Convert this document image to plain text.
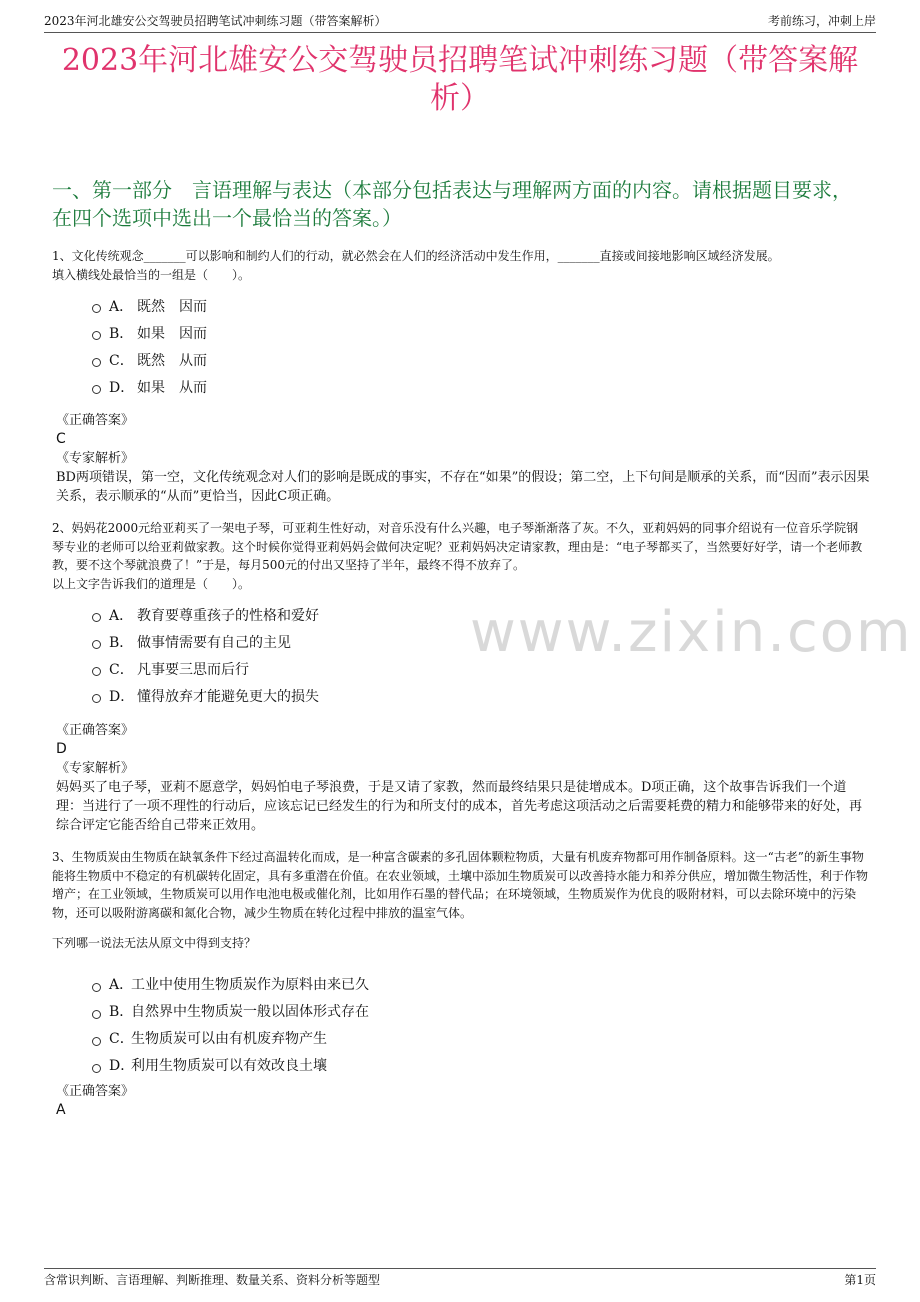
2023年河北雄安公交驾驶员招聘笔试冲刺练习题（带答案解析）	考前练习，冲刺上岸
2023年河北雄安公交驾驶员招聘笔试冲刺练习题（带答案解析）
一、第一部分　言语理解与表达（本部分包括表达与理解两方面的内容。请根据题目要求，在四个选项中选出一个最恰当的答案。）
www.zixin.com

1、文化传统观念_______可以影响和制约人们的行动，就必然会在人们的经济活动中发生作用，_______直接或间接地影响区域经济发展。

填入横线处最恰当的一组是（　　）。

A． 既然　因而
B． 如果　因而
C． 既然　从而
D． 如果　从而

《正确答案》

C

《专家解析》

BD两项错误，第一空，文化传统观念对人们的影响是既成的事实，不存在“如果”的假设；第二空，上下句间是顺承的关系，而“因而”表示因果关系，表示顺承的“从而”更恰当，因此C项正确。

2、妈妈花2000元给亚莉买了一架电子琴，可亚莉生性好动，对音乐没有什么兴趣，电子琴渐渐落了灰。不久，亚莉妈妈的同事介绍说有一位音乐学院钢琴专业的老师可以给亚莉做家教。这个时候你觉得亚莉妈妈会做何决定呢？亚莉妈妈决定请家教，理由是：“电子琴都买了，当然要好好学，请一个老师教教，要不这个琴就浪费了！”于是，每月500元的付出又坚持了半年，最终不得不放弃了。

以上文字告诉我们的道理是（　　）。

A． 教育要尊重孩子的性格和爱好
B． 做事情需要有自己的主见
C． 凡事要三思而后行
D． 懂得放弃才能避免更大的损失

《正确答案》

D

《专家解析》

妈妈买了电子琴，亚莉不愿意学，妈妈怕电子琴浪费，于是又请了家教，然而最终结果只是徒增成本。D项正确，这个故事告诉我们一个道理：当进行了一项不理性的行动后，应该忘记已经发生的行为和所支付的成本，首先考虑这项活动之后需要耗费的精力和能够带来的好处，再综合评定它能否给自己带来正效用。

3、生物质炭由生物质在缺氧条件下经过高温转化而成，是一种富含碳素的多孔固体颗粒物质，大量有机废弃物都可用作制备原料。这一“古老”的新生事物能将生物质中不稳定的有机碳转化固定，具有多重潜在价值。在农业领域，土壤中添加生物质炭可以改善持水能力和养分供应，增加微生物活性，利于作物增产；在工业领域，生物质炭可以用作电池电极或催化剂，比如用作石墨的替代品；在环境领域，生物质炭作为优良的吸附材料，可以去除环境中的污染物，还可以吸附游离碳和氮化合物，减少生物质在转化过程中排放的温室气体。

下列哪一说法无法从原文中得到支持？

A．
工业中使用生物质炭作为原料由来已久
B．
自然界中生物质炭一般以固体形式存在
C．
生物质炭可以由有机废弃物产生
D．
利用生物质炭可以有效改良土壤

《正确答案》

A

含常识判断、言语理解、判断推理、数量关系、资料分析等题型	第1页
